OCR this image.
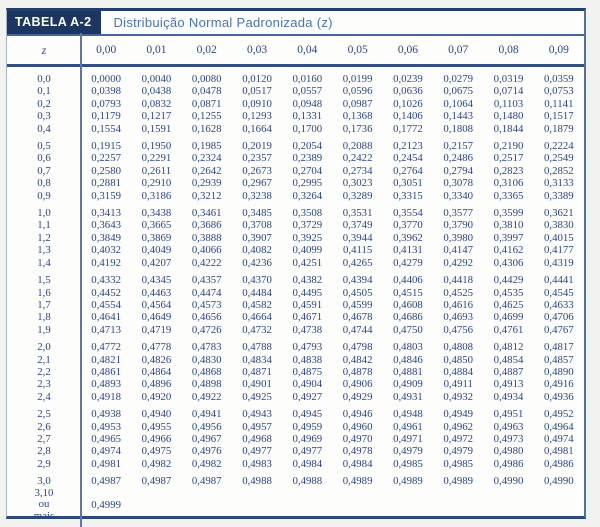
TABELA A-2	Distribuição Normal Padronizada (z)
z	0,00	0,01	0,02	0,03	0,04	0,05	0,06	0,07	0,08	0,09
0,0	0,0000	0,0040	0,0080	0,0120	0,0160	0,0199	0,0239	0,0279	0,0319	0,0359
0,1	0,0398	0,0438	0,0478	0,0517	0,0557	0,0596	0,0636	0,0675	0,0714	0,0753
0,2	0,0793	0,0832	0,0871	0,0910	0,0948	0,0987	0,1026	0,1064	0,1103	0,1141
0,3	0,1179	0,1217	0,1255	0,1293	0,1331	0,1368	0,1406	0,1443	0,1480	0,1517
0,4	0,1554	0,1591	0,1628	0,1664	0,1700	0,1736	0,1772	0,1808	0,1844	0,1879
0,5	0,1915	0,1950	0,1985	0,2019	0,2054	0,2088	0,2123	0,2157	0,2190	0,2224
0,6	0,2257	0,2291	0,2324	0,2357	0,2389	0,2422	0,2454	0,2486	0,2517	0,2549
0,7	0,2580	0,2611	0,2642	0,2673	0,2704	0,2734	0,2764	0,2794	0,2823	0,2852
0,8	0,2881	0,2910	0,2939	0,2967	0,2995	0,3023	0,3051	0,3078	0,3106	0,3133
0,9	0,3159	0,3186	0,3212	0,3238	0,3264	0,3289	0,3315	0,3340	0,3365	0,3389
1,0	0,3413	0,3438	0,3461	0,3485	0,3508	0,3531	0,3554	0,3577	0,3599	0,3621
1,1	0,3643	0,3665	0,3686	0,3708	0,3729	0,3749	0,3770	0,3790	0,3810	0,3830
1,2	0,3849	0,3869	0,3888	0,3907	0,3925	0,3944	0,3962	0,3980	0,3997	0,4015
1,3	0,4032	0,4049	0,4066	0,4082	0,4099	0,4115	0,4131	0,4147	0,4162	0,4177
1,4	0,4192	0,4207	0,4222	0,4236	0,4251	0,4265	0,4279	0,4292	0,4306	0,4319
1,5	0,4332	0,4345	0,4357	0,4370	0,4382	0,4394	0,4406	0,4418	0,4429	0,4441
1,6	0,4452	0,4463	0,4474	0,4484	0,4495	0,4505	0,4515	0,4525	0,4535	0,4545
1,7	0,4554	0,4564	0,4573	0,4582	0,4591	0,4599	0,4608	0,4616	0,4625	0,4633
1,8	0,4641	0,4649	0,4656	0,4664	0,4671	0,4678	0,4686	0,4693	0,4699	0,4706
1,9	0,4713	0,4719	0,4726	0,4732	0,4738	0,4744	0,4750	0,4756	0,4761	0,4767
2,0	0,4772	0,4778	0,4783	0,4788	0,4793	0,4798	0,4803	0,4808	0,4812	0,4817
2,1	0,4821	0,4826	0,4830	0,4834	0,4838	0,4842	0,4846	0,4850	0,4854	0,4857
2,2	0,4861	0,4864	0,4868	0,4871	0,4875	0,4878	0,4881	0,4884	0,4887	0,4890
2,3	0,4893	0,4896	0,4898	0,4901	0,4904	0,4906	0,4909	0,4911	0,4913	0,4916
2,4	0,4918	0,4920	0,4922	0,4925	0,4927	0,4929	0,4931	0,4932	0,4934	0,4936
2,5	0,4938	0,4940	0,4941	0,4943	0,4945	0,4946	0,4948	0,4949	0,4951	0,4952
2,6	0,4953	0,4955	0,4956	0,4957	0,4959	0,4960	0,4961	0,4962	0,4963	0,4964
2,7	0,4965	0,4966	0,4967	0,4968	0,4969	0,4970	0,4971	0,4972	0,4973	0,4974
2,8	0,4974	0,4975	0,4976	0,4977	0,4977	0,4978	0,4979	0,4979	0,4980	0,4981
2,9	0,4981	0,4982	0,4982	0,4983	0,4984	0,4984	0,4985	0,4985	0,4986	0,4986
3,0	0,4987	0,4987	0,4987	0,4988	0,4988	0,4989	0,4989	0,4989	0,4990	0,4990

3,10
ou
mais	0,4999									
